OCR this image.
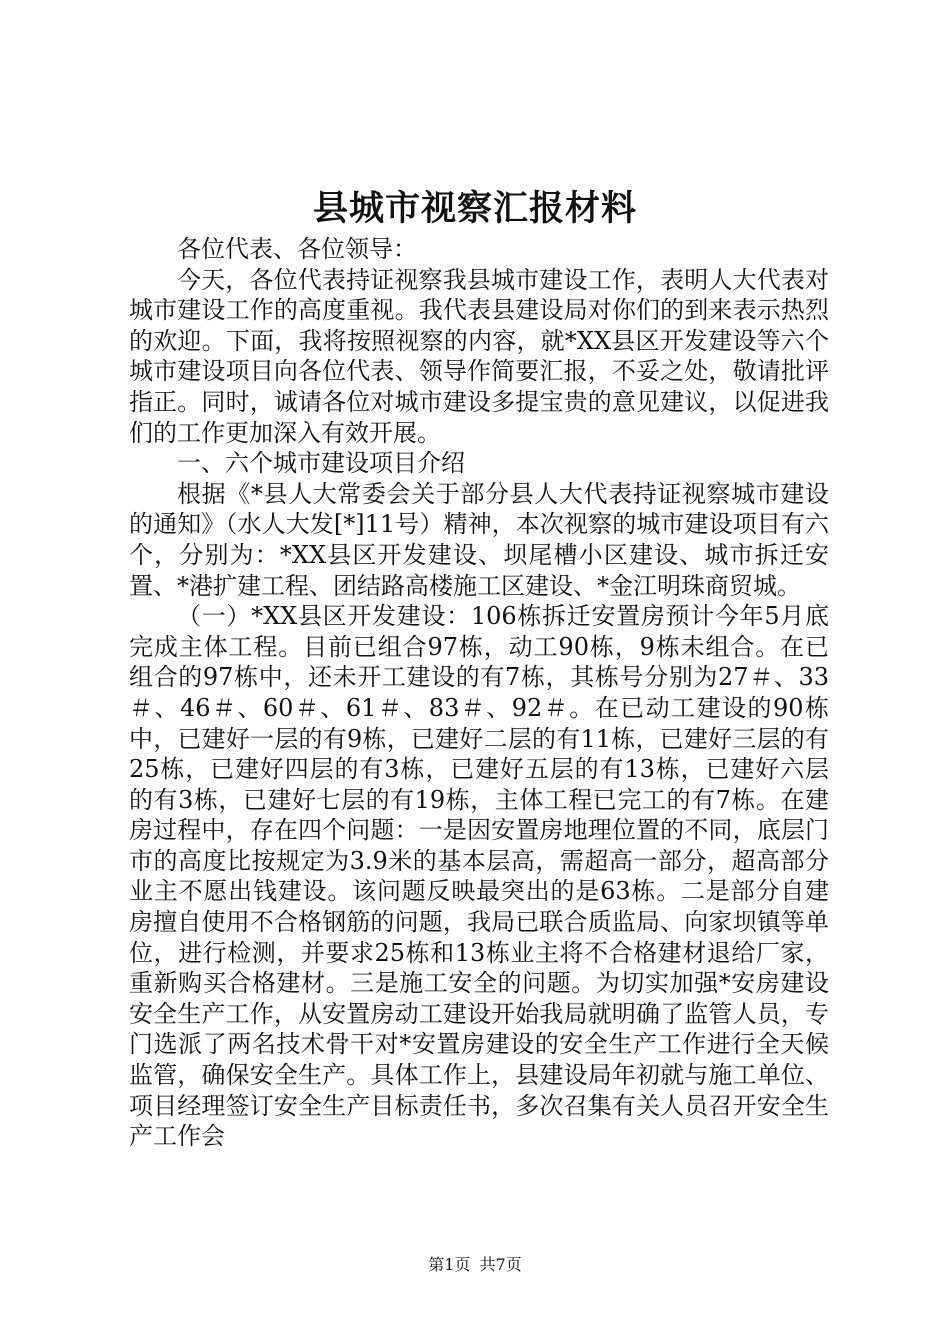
县城市视察汇报材料

各位代表、各位领导：

今天，各位代表持证视察我县城市建设工作，表明人大代表对城市建设工作的高度重视。我代表县建设局对你们的到来表示热烈的欢迎。下面，我将按照视察的内容，就*XX县区开发建设等六个城市建设项目向各位代表、领导作简要汇报，不妥之处，敬请批评指正。同时，诚请各位对城市建设多提宝贵的意见建议，以促进我们的工作更加深入有效开展。

一、六个城市建设项目介绍

根据《*县人大常委会关于部分县人大代表持证视察城市建设的通知》（水人大发[*]11号）精神，本次视察的城市建设项目有六个，分别为：*XX县区开发建设、坝尾槽小区建设、城市拆迁安置、*港扩建工程、团结路高楼施工区建设、*金江明珠商贸城。

（一）*XX县区开发建设：106栋拆迁安置房预计今年5月底完成主体工程。目前已组合97栋，动工90栋，9栋未组合。在已组合的97栋中，还未开工建设的有7栋，其栋号分别为27＃、33＃、46＃、60＃、61＃、83＃、92＃。在已动工建设的90栋中，已建好一层的有9栋，已建好二层的有11栋，已建好三层的有25栋，已建好四层的有3栋，已建好五层的有13栋，已建好六层的有3栋，已建好七层的有19栋，主体工程已完工的有7栋。在建房过程中，存在四个问题：一是因安置房地理位置的不同，底层门市的高度比按规定为3.9米的基本层高，需超高一部分，超高部分业主不愿出钱建设。该问题反映最突出的是63栋。二是部分自建房擅自使用不合格钢筋的问题，我局已联合质监局、向家坝镇等单位，进行检测，并要求25栋和13栋业主将不合格建材退给厂家，重新购买合格建材。三是施工安全的问题。为切实加强*安房建设安全生产工作，从安置房动工建设开始我局就明确了监管人员，专门选派了两名技术骨干对*安置房建设的安全生产工作进行全天候监管，确保安全生产。具体工作上，县建设局年初就与施工单位、项目经理签订安全生产目标责任书，多次召集有关人员召开安全生产工作会

第1页 共7页
